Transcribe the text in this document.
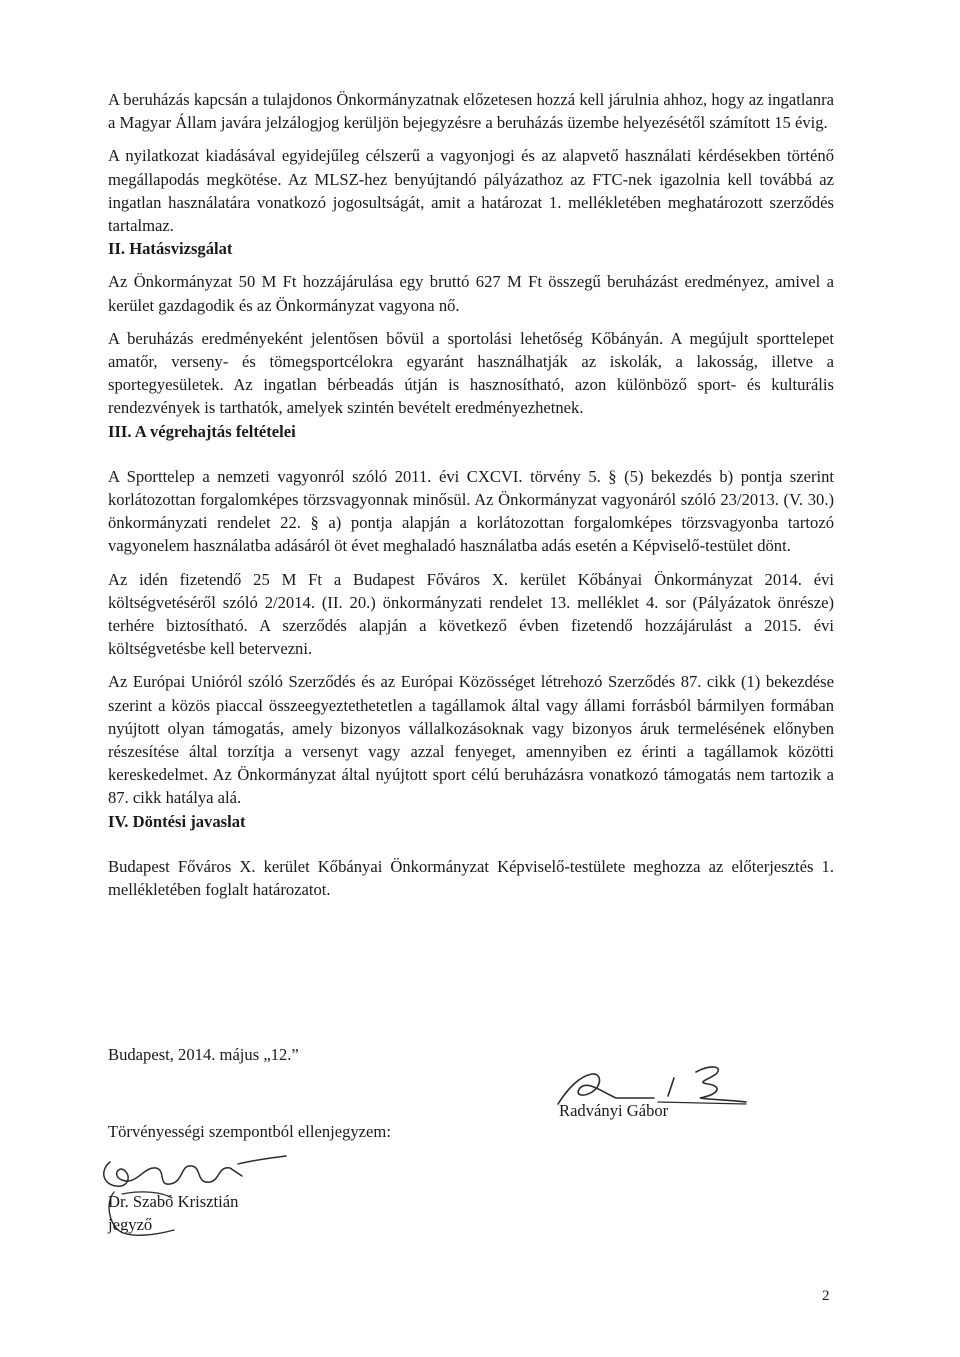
A beruházás kapcsán a tulajdonos Önkormányzatnak előzetesen hozzá kell járulnia ahhoz, hogy az ingatlanra a Magyar Állam javára jelzálogjog kerüljön bejegyzésre a beruházás üzembe helyezésétől számított 15 évig.

A nyilatkozat kiadásával egyidejűleg célszerű a vagyonjogi és az alapvető használati kérdésekben történő megállapodás megkötése. Az MLSZ-hez benyújtandó pályázathoz az FTC-nek igazolnia kell továbbá az ingatlan használatára vonatkozó jogosultságát, amit a határozat 1. mellékletében meghatározott szerződés tartalmaz.

II. Hatásvizsgálat

Az Önkormányzat 50 M Ft hozzájárulása egy bruttó 627 M Ft összegű beruházást eredményez, amivel a kerület gazdagodik és az Önkormányzat vagyona nő.

A beruházás eredményeként jelentősen bővül a sportolási lehetőség Kőbányán. A megújult sporttelepet amatőr, verseny- és tömegsportcélokra egyaránt használhatják az iskolák, a lakosság, illetve a sportegyesületek. Az ingatlan bérbeadás útján is hasznosítható, azon különböző sport- és kulturális rendezvények is tarthatók, amelyek szintén bevételt eredményezhetnek.

III. A végrehajtás feltételei

A Sporttelep a nemzeti vagyonról szóló 2011. évi CXCVI. törvény 5. § (5) bekezdés b) pontja szerint korlátozottan forgalomképes törzsvagyonnak minősül. Az Önkormányzat vagyonáról szóló 23/2013. (V. 30.) önkormányzati rendelet 22. § a) pontja alapján a korlátozottan forgalomképes törzsvagyonba tartozó vagyonelem használatba adásáról öt évet meghaladó használatba adás esetén a Képviselő-testület dönt.

Az idén fizetendő 25 M Ft a Budapest Főváros X. kerület Kőbányai Önkormányzat 2014. évi költségvetéséről szóló 2/2014. (II. 20.) önkormányzati rendelet 13. melléklet 4. sor (Pályázatok önrésze) terhére biztosítható. A szerződés alapján a következő évben fizetendő hozzájárulást a 2015. évi költségvetésbe kell betervezni.

Az Európai Unióról szóló Szerződés és az Európai Közösséget létrehozó Szerződés 87. cikk (1) bekezdése szerint a közös piaccal összeegyeztethetetlen a tagállamok által vagy állami forrásból bármilyen formában nyújtott olyan támogatás, amely bizonyos vállalkozásoknak vagy bizonyos áruk termelésének előnyben részesítése által torzítja a versenyt vagy azzal fenyeget, amennyiben ez érinti a tagállamok közötti kereskedelmet. Az Önkormányzat által nyújtott sport célú beruházásra vonatkozó támogatás nem tartozik a 87. cikk hatálya alá.

IV. Döntési javaslat

Budapest Főváros X. kerület Kőbányai Önkormányzat Képviselő-testülete meghozza az előterjesztés 1. mellékletében foglalt határozatot.

Budapest, 2014. május „12.”
Radványi Gábor
Törvényességi szempontból ellenjegyzem:
Dr. Szabó Krisztián
jegyző
2
